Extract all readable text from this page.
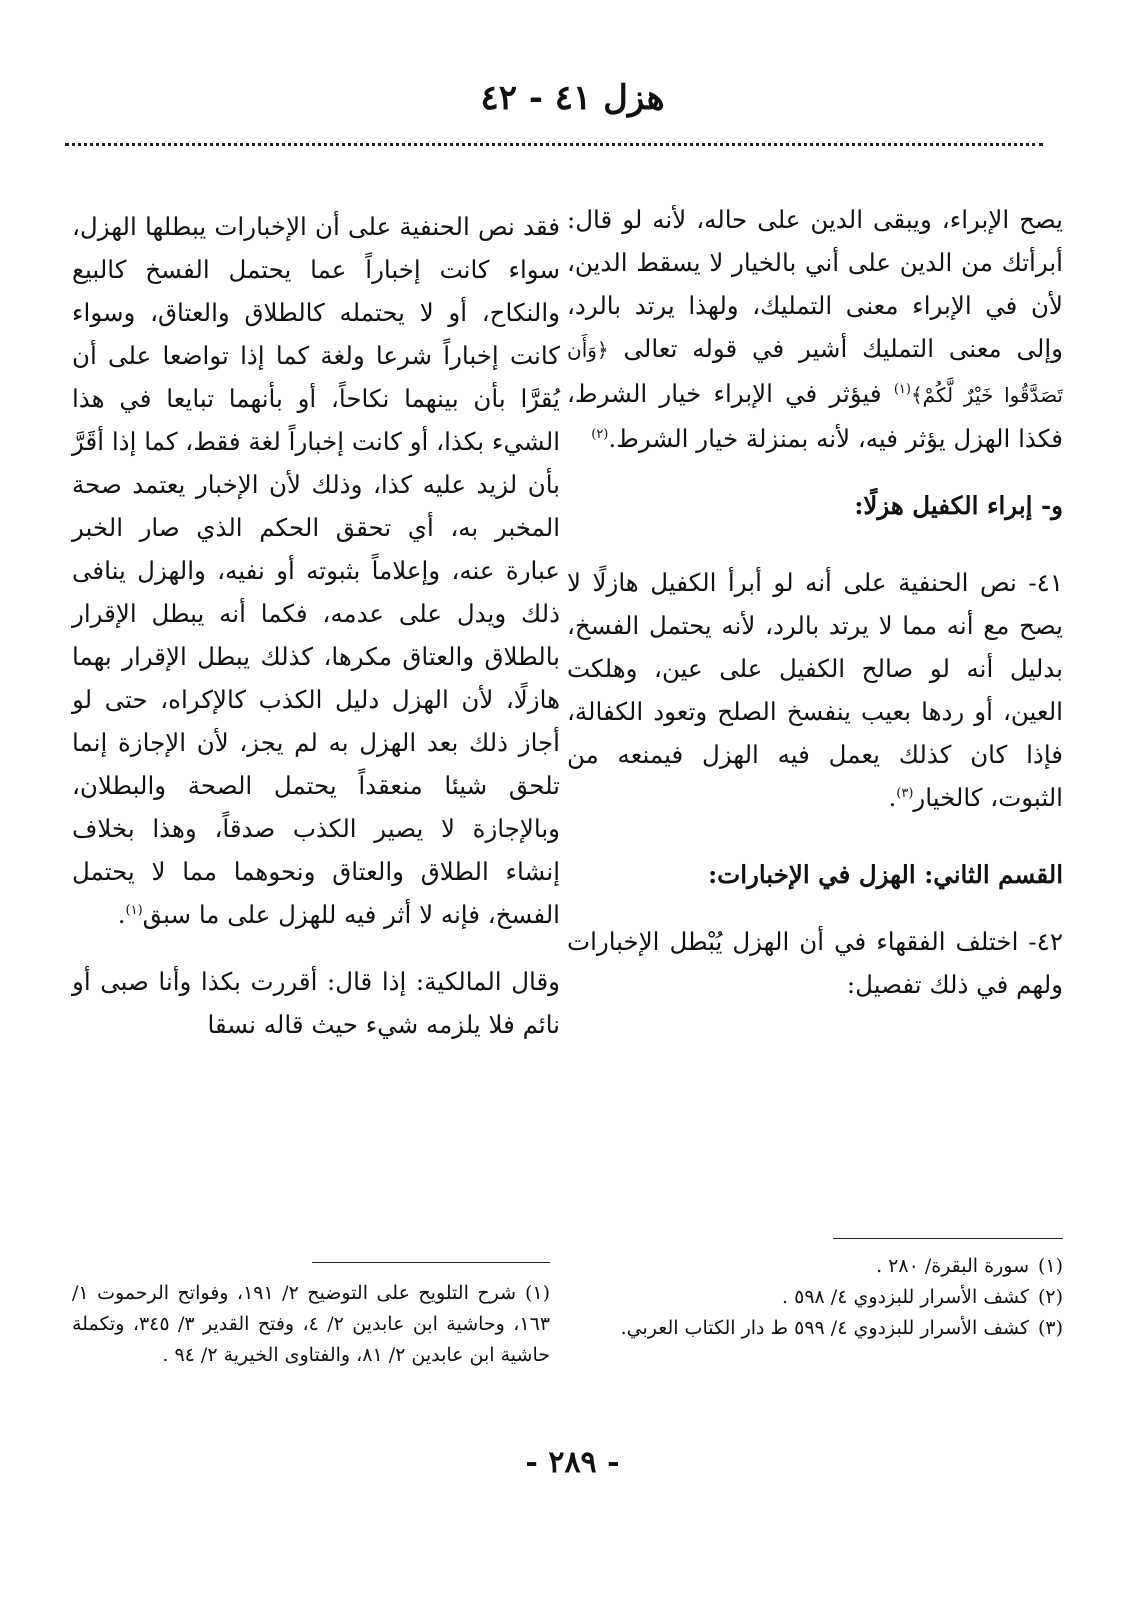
هزل ٤١ - ٤٢

يصح الإبراء، ويبقى الدين على حاله، لأنه لو قال: أبرأتك من الدين على أني بالخيار لا يسقط الدين، لأن في الإبراء معنى التمليك، ولهذا يرتد بالرد، وإلى معنى التمليك أشير في قوله تعالى ﴿وَأَن تَصَدَّقُوا خَيْرٌ لَّكُمْ﴾$^{(١)}$ فيؤثر في الإبراء خيار الشرط، فكذا الهزل يؤثر فيه، لأنه بمنزلة خيار الشرط.$^{(٢)}$

و- إبراء الكفيل هزلًا:

٤١- نص الحنفية على أنه لو أبرأ الكفيل هازلًا لا يصح مع أنه مما لا يرتد بالرد، لأنه يحتمل الفسخ، بدليل أنه لو صالح الكفيل على عين، وهلكت العين، أو ردها بعيب ينفسخ الصلح وتعود الكفالة، فإذا كان كذلك يعمل فيه الهزل فيمنعه من الثبوت، كالخيار$^{(٣)}$.

القسم الثاني: الهزل في الإخبارات:

٤٢- اختلف الفقهاء في أن الهزل يُبْطل الإخبارات ولهم في ذلك تفصيل:

فقد نص الحنفية على أن الإخبارات يبطلها الهزل، سواء كانت إخباراً عما يحتمل الفسخ كالبيع والنكاح، أو لا يحتمله كالطلاق والعتاق، وسواء كانت إخباراً شرعا ولغة كما إذا تواضعا على أن يُقرَّا بأن بينهما نكاحاً، أو بأنهما تبايعا في هذا الشيء بكذا، أو كانت إخباراً لغة فقط، كما إذا أقَرَّ بأن لزيد عليه كذا، وذلك لأن الإخبار يعتمد صحة المخبر به، أي تحقق الحكم الذي صار الخبر عبارة عنه، وإعلاماً بثبوته أو نفيه، والهزل ينافى ذلك ويدل على عدمه، فكما أنه يبطل الإقرار بالطلاق والعتاق مكرها، كذلك يبطل الإقرار بهما هازلًا، لأن الهزل دليل الكذب كالإكراه، حتى لو أجاز ذلك بعد الهزل به لم يجز، لأن الإجازة إنما تلحق شيئا منعقداً يحتمل الصحة والبطلان، وبالإجازة لا يصير الكذب صدقاً، وهذا بخلاف إنشاء الطلاق والعتاق ونحوهما مما لا يحتمل الفسخ، فإنه لا أثر فيه للهزل على ما سبق$^{(١)}$.

وقال المالكية: إذا قال: أقررت بكذا وأنا صبى أو نائم فلا يلزمه شيء حيث قاله نسقا

(١)سورة البقرة/ ٢٨٠ .

(٢)كشف الأسرار للبزدوي ٤/ ٥٩٨ .

(٣)كشف الأسرار للبزدوي ٤/ ٥٩٩ ط دار الكتاب العربي.

(١)شرح التلويح على التوضيح ٢/ ١٩١، وفواتح الرحموت ١/ ١٦٣، وحاشية ابن عابدين ٢/ ٤، وفتح القدير ٣/ ٣٤٥، وتكملة حاشية ابن عابدين ٢/ ٨١، والفتاوى الخيرية ٢/ ٩٤ .

- ٢٨٩ -
